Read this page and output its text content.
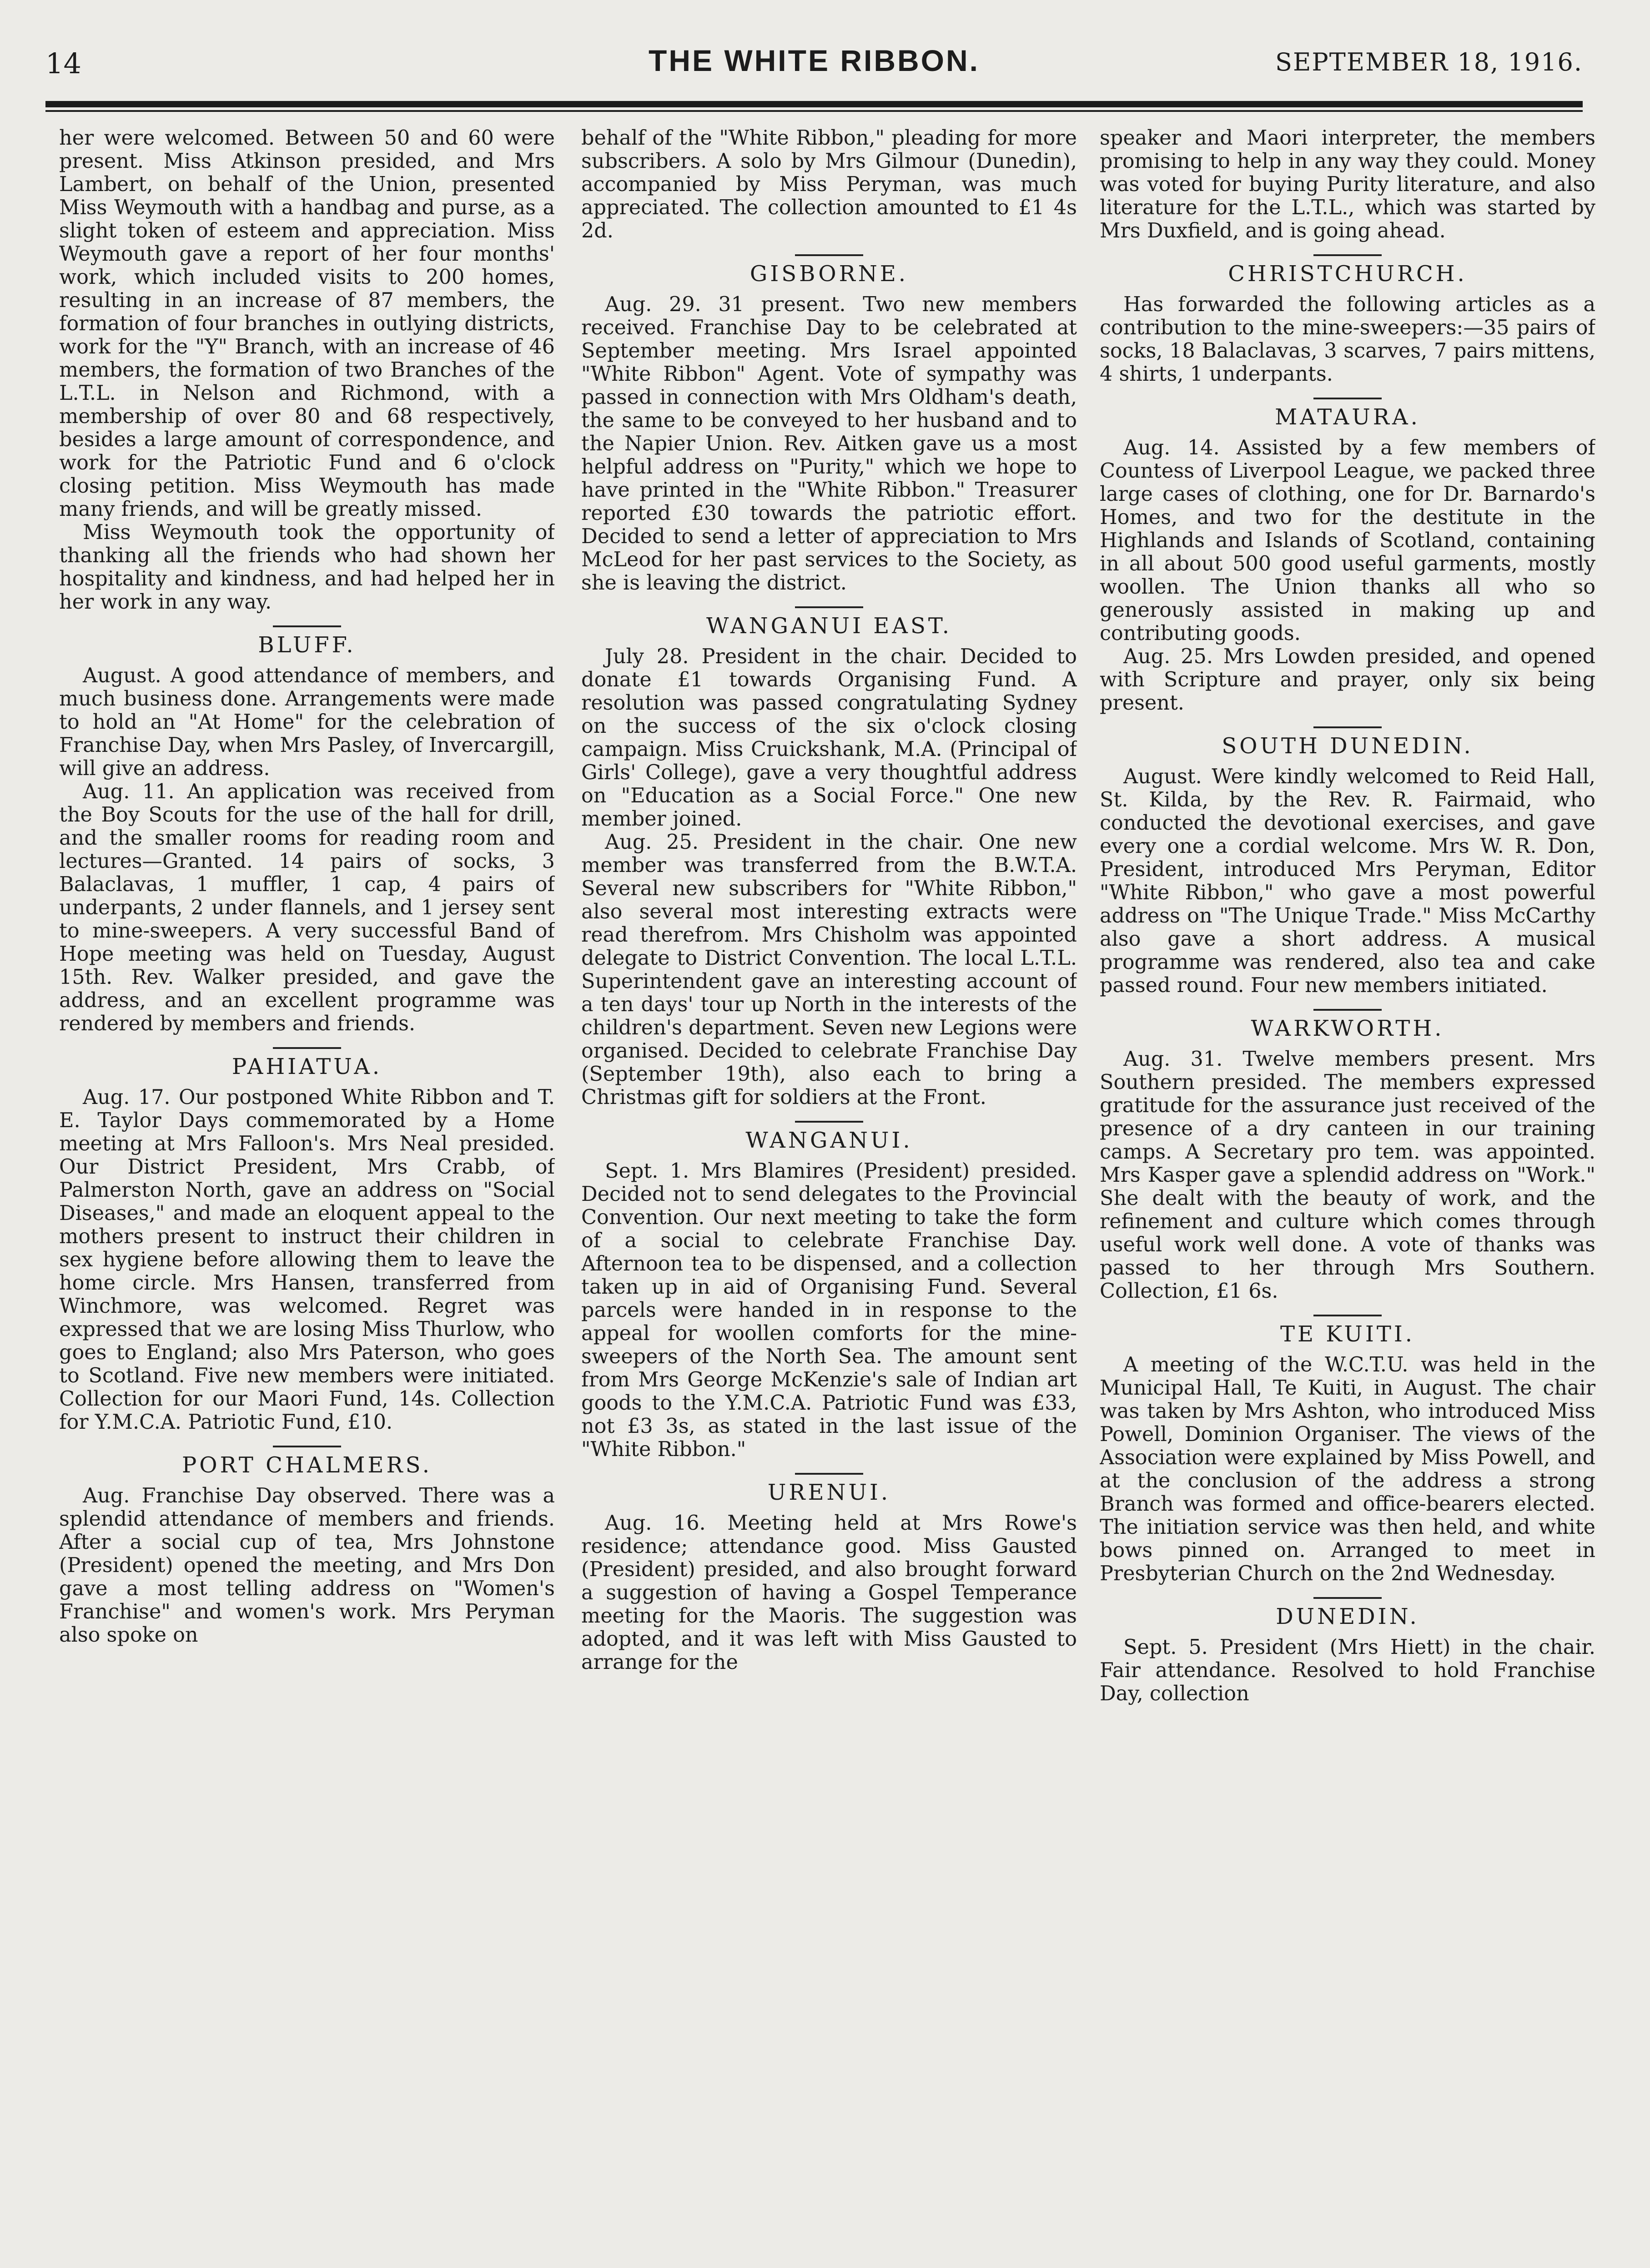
14	THE WHITE RIBBON.	SEPTEMBER 18, 1916.

her were welcomed. Between 50 and 60 were present. Miss Atkinson presided, and Mrs Lambert, on behalf of the Union, presented Miss Weymouth with a handbag and purse, as a slight token of esteem and appreciation. Miss Weymouth gave a report of her four months' work, which included visits to 200 homes, resulting in an increase of 87 members, the formation of four branches in outlying districts, work for the "Y" Branch, with an increase of 46 members, the formation of two Branches of the L.T.L. in Nelson and Richmond, with a membership of over 80 and 68 respectively, besides a large amount of correspondence, and work for the Patriotic Fund and 6 o'clock closing petition. Miss Weymouth has made many friends, and will be greatly missed.

Miss Weymouth took the opportunity of thanking all the friends who had shown her hospitality and kindness, and had helped her in her work in any way.

BLUFF.

August. A good attendance of members, and much business done. Arrangements were made to hold an "At Home" for the celebration of Franchise Day, when Mrs Pasley, of Invercargill, will give an address.

Aug. 11. An application was received from the Boy Scouts for the use of the hall for drill, and the smaller rooms for reading room and lectures—Granted. 14 pairs of socks, 3 Balaclavas, 1 muffler, 1 cap, 4 pairs of underpants, 2 under flannels, and 1 jersey sent to mine-sweepers. A very successful Band of Hope meeting was held on Tuesday, August 15th. Rev. Walker presided, and gave the address, and an excellent programme was rendered by members and friends.

PAHIATUA.

Aug. 17. Our postponed White Ribbon and T. E. Taylor Days commemorated by a Home meeting at Mrs Falloon's. Mrs Neal presided. Our District President, Mrs Crabb, of Palmerston North, gave an address on "Social Diseases," and made an eloquent appeal to the mothers present to instruct their children in sex hygiene before allowing them to leave the home circle. Mrs Hansen, transferred from Winchmore, was welcomed. Regret was expressed that we are losing Miss Thurlow, who goes to England; also Mrs Paterson, who goes to Scotland. Five new members were initiated. Collection for our Maori Fund, 14s. Collection for Y.M.C.A. Patriotic Fund, £10.

PORT CHALMERS.

Aug. Franchise Day observed. There was a splendid attendance of members and friends. After a social cup of tea, Mrs Johnstone (President) opened the meeting, and Mrs Don gave a most telling address on "Women's Franchise" and women's work. Mrs Peryman also spoke on

behalf of the "White Ribbon," pleading for more subscribers. A solo by Mrs Gilmour (Dunedin), accompanied by Miss Peryman, was much appreciated. The collection amounted to £1 4s 2d.

GISBORNE.

Aug. 29. 31 present. Two new members received. Franchise Day to be celebrated at September meeting. Mrs Israel appointed "White Ribbon" Agent. Vote of sympathy was passed in connection with Mrs Oldham's death, the same to be conveyed to her husband and to the Napier Union. Rev. Aitken gave us a most helpful address on "Purity," which we hope to have printed in the "White Ribbon." Treasurer reported £30 towards the patriotic effort. Decided to send a letter of appreciation to Mrs McLeod for her past services to the Society, as she is leaving the district.

WANGANUI EAST.

July 28. President in the chair. Decided to donate £1 towards Organising Fund. A resolution was passed congratulating Sydney on the success of the six o'clock closing campaign. Miss Cruickshank, M.A. (Principal of Girls' College), gave a very thoughtful address on "Education as a Social Force." One new member joined.

Aug. 25. President in the chair. One new member was transferred from the B.W.T.A. Several new subscribers for "White Ribbon," also several most interesting extracts were read therefrom. Mrs Chisholm was appointed delegate to District Convention. The local L.T.L. Superintendent gave an interesting account of a ten days' tour up North in the interests of the children's department. Seven new Legions were organised. Decided to celebrate Franchise Day (September 19th), also each to bring a Christmas gift for soldiers at the Front.

WANGANUI.

Sept. 1. Mrs Blamires (President) presided. Decided not to send delegates to the Provincial Convention. Our next meeting to take the form of a social to celebrate Franchise Day. Afternoon tea to be dispensed, and a collection taken up in aid of Organising Fund. Several parcels were handed in in response to the appeal for woollen comforts for the mine-sweepers of the North Sea. The amount sent from Mrs George McKenzie's sale of Indian art goods to the Y.M.C.A. Patriotic Fund was £33, not £3 3s, as stated in the last issue of the "White Ribbon."

URENUI.

Aug. 16. Meeting held at Mrs Rowe's residence; attendance good. Miss Gausted (President) presided, and also brought forward a suggestion of having a Gospel Temperance meeting for the Maoris. The suggestion was adopted, and it was left with Miss Gausted to arrange for the

speaker and Maori interpreter, the members promising to help in any way they could. Money was voted for buying Purity literature, and also literature for the L.T.L., which was started by Mrs Duxfield, and is going ahead.

CHRISTCHURCH.

Has forwarded the following articles as a contribution to the mine-sweepers:—35 pairs of socks, 18 Balaclavas, 3 scarves, 7 pairs mittens, 4 shirts, 1 underpants.

MATAURA.

Aug. 14. Assisted by a few members of Countess of Liverpool League, we packed three large cases of clothing, one for Dr. Barnardo's Homes, and two for the destitute in the Highlands and Islands of Scotland, containing in all about 500 good useful garments, mostly woollen. The Union thanks all who so generously assisted in making up and contributing goods.

Aug. 25. Mrs Lowden presided, and opened with Scripture and prayer, only six being present.

SOUTH DUNEDIN.

August. Were kindly welcomed to Reid Hall, St. Kilda, by the Rev. R. Fairmaid, who conducted the devotional exercises, and gave every one a cordial welcome. Mrs W. R. Don, President, introduced Mrs Peryman, Editor "White Ribbon," who gave a most powerful address on "The Unique Trade." Miss McCarthy also gave a short address. A musical programme was rendered, also tea and cake passed round. Four new members initiated.

WARKWORTH.

Aug. 31. Twelve members present. Mrs Southern presided. The members expressed gratitude for the assurance just received of the presence of a dry canteen in our training camps. A Secretary pro tem. was appointed. Mrs Kasper gave a splendid address on "Work." She dealt with the beauty of work, and the refinement and culture which comes through useful work well done. A vote of thanks was passed to her through Mrs Southern. Collection, £1 6s.

TE KUITI.

A meeting of the W.C.T.U. was held in the Municipal Hall, Te Kuiti, in August. The chair was taken by Mrs Ashton, who introduced Miss Powell, Dominion Organiser. The views of the Association were explained by Miss Powell, and at the conclusion of the address a strong Branch was formed and office-bearers elected. The initiation service was then held, and white bows pinned on. Arranged to meet in Presbyterian Church on the 2nd Wednesday.

DUNEDIN.

Sept. 5. President (Mrs Hiett) in the chair. Fair attendance. Resolved to hold Franchise Day, collection
